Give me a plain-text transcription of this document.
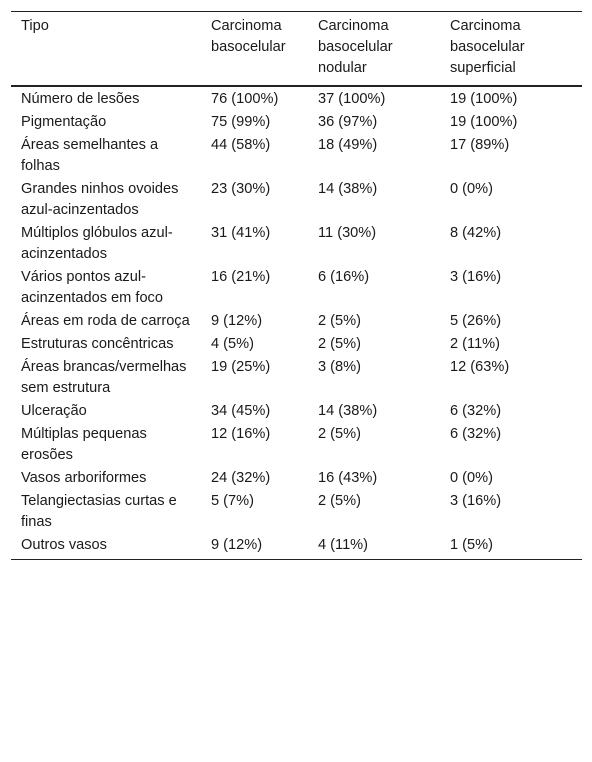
Tipo	Carcinoma basocelular	Carcinoma basocelular nodular	Carcinoma basocelular superficial
Número de lesões	76 (100%)	37 (100%)	19 (100%)
Pigmentação	75 (99%)	36 (97%)	19 (100%)
Áreas semelhantes a folhas	44 (58%)	18 (49%)	17 (89%)
Grandes ninhos ovoides azul-acinzentados	23 (30%)	14 (38%)	0 (0%)
Múltiplos glóbulos azul-acinzentados	31 (41%)	11 (30%)	8 (42%)
Vários pontos azul-acinzentados em foco	16 (21%)	6 (16%)	3 (16%)
Áreas em roda de carroça	9 (12%)	2 (5%)	5 (26%)
Estruturas concêntricas	4 (5%)	2 (5%)	2 (11%)
Áreas brancas/vermelhas sem estrutura	19 (25%)	3 (8%)	12 (63%)
Ulceração	34 (45%)	14 (38%)	6 (32%)
Múltiplas pequenas erosões	12 (16%)	2 (5%)	6 (32%)
Vasos arboriformes	24 (32%)	16 (43%)	0 (0%)
Telangiectasias curtas e finas	5 (7%)	2 (5%)	3 (16%)
Outros vasos	9 (12%)	4 (11%)	1 (5%)
